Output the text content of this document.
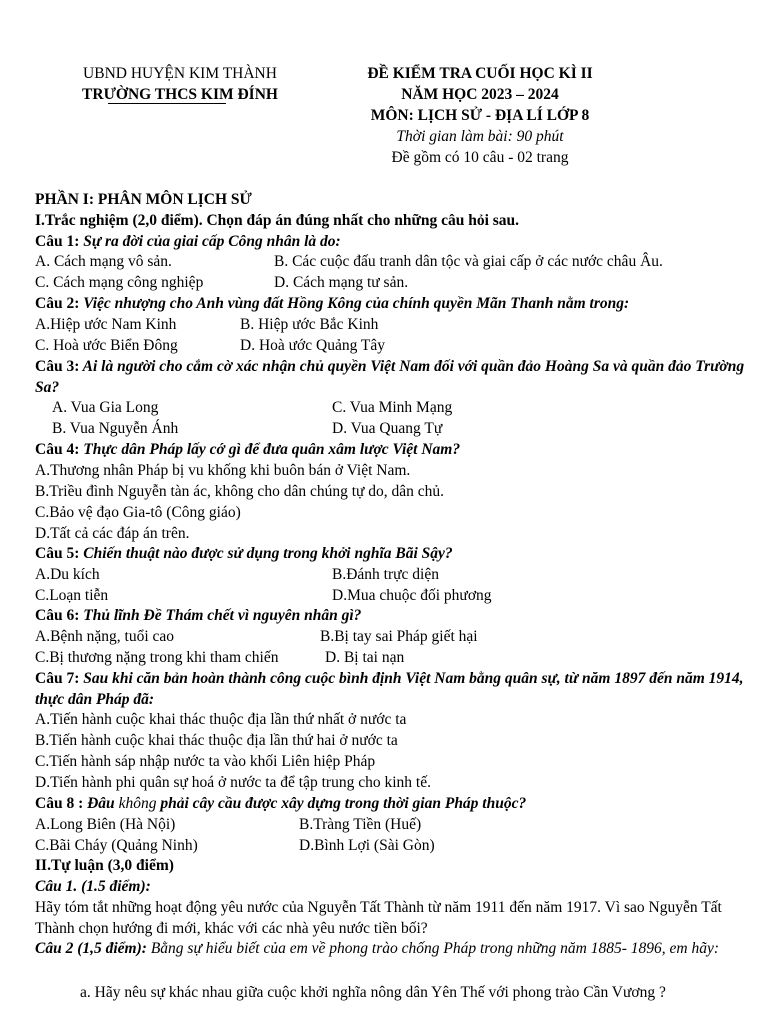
UBND HUYỆN KIM THÀNH
TRƯỜNG THCS KIM ĐÍNH
ĐỀ KIỂM TRA CUỐI HỌC KÌ II
NĂM HỌC 2023 – 2024
MÔN: LỊCH SỬ - ĐỊA LÍ LỚP 8
Thời gian làm bài: 90 phút
Đề gồm có 10 câu - 02 trang
PHẦN I: PHÂN MÔN LỊCH SỬ
I.Trắc nghiệm (2,0 điểm). Chọn đáp án đúng nhất cho những câu hỏi sau.
Câu 1: Sự ra đời của giai cấp Công nhân là do:
A. Cách mạng vô sản.	B. Các cuộc đấu tranh dân tộc và giai cấp ở các nước châu Âu.
C. Cách mạng công nghiệp	D. Cách mạng tư sản.
Câu 2: Việc nhượng cho Anh vùng đất Hồng Kông của chính quyền Mãn Thanh nằm trong:
A.Hiệp ước Nam Kinh	B. Hiệp ước Bắc Kinh
C. Hoà ước Biển Đông	D. Hoà ước Quảng Tây
Câu 3: Ai là người cho cắm cờ xác nhận chủ quyền Việt Nam đối với quần đảo Hoàng Sa và quần đảo Trường Sa?
A. Vua Gia Long	C. Vua Minh Mạng
B. Vua Nguyễn Ánh	D. Vua Quang Tự
Câu 4: Thực dân Pháp lấy cớ gì để đưa quân xâm lược Việt Nam?
A.Thương nhân Pháp bị vu khống khi buôn bán ở Việt Nam.
B.Triều đình Nguyễn tàn ác, không cho dân chúng tự do, dân chủ.
C.Bảo vệ đạo Gia-tô (Công giáo)
D.Tất cả các đáp án trên.
Câu 5: Chiến thuật nào được sử dụng trong khởi nghĩa Bãi Sậy?
A.Du kích	B.Đánh trực diện
C.Loạn tiễn	D.Mua chuộc đối phương
Câu 6: Thủ lĩnh Đề Thám chết vì nguyên nhân gì?
A.Bệnh nặng, tuổi cao	B.Bị tay sai Pháp giết hại
C.Bị thương nặng trong khi tham chiến	D. Bị tai nạn
Câu 7: Sau khi căn bản hoàn thành công cuộc bình định Việt Nam bằng quân sự, từ năm 1897 đến năm 1914, thực dân Pháp đã:
A.Tiến hành cuộc khai thác thuộc địa lần thứ nhất ở nước ta
B.Tiến hành cuộc khai thác thuộc địa lần thứ hai ở nước ta
C.Tiến hành sáp nhập nước ta vào khối Liên hiệp Pháp
D.Tiến hành phi quân sự hoá ở nước ta để tập trung cho kinh tế.
Câu 8 : Đâu không phải cây cầu được xây dựng trong thời gian Pháp thuộc?
A.Long Biên (Hà Nội)	B.Tràng Tiền (Huế)
C.Bãi Cháy (Quảng Ninh)	D.Bình Lợi (Sài Gòn)
II.Tự luận (3,0 điểm)
Câu 1. (1.5 điểm):
Hãy tóm tắt những hoạt động yêu nước của Nguyễn Tất Thành từ năm 1911 đến năm 1917. Vì sao Nguyễn Tất Thành chọn hướng đi mới, khác với các nhà yêu nước tiền bối?
Câu 2 (1,5 điểm): Bằng sự hiểu biết của em về phong trào chống Pháp trong những năm 1885- 1896, em hãy:
a. Hãy nêu sự khác nhau giữa cuộc khởi nghĩa nông dân Yên Thế với phong trào Cần Vương ?
